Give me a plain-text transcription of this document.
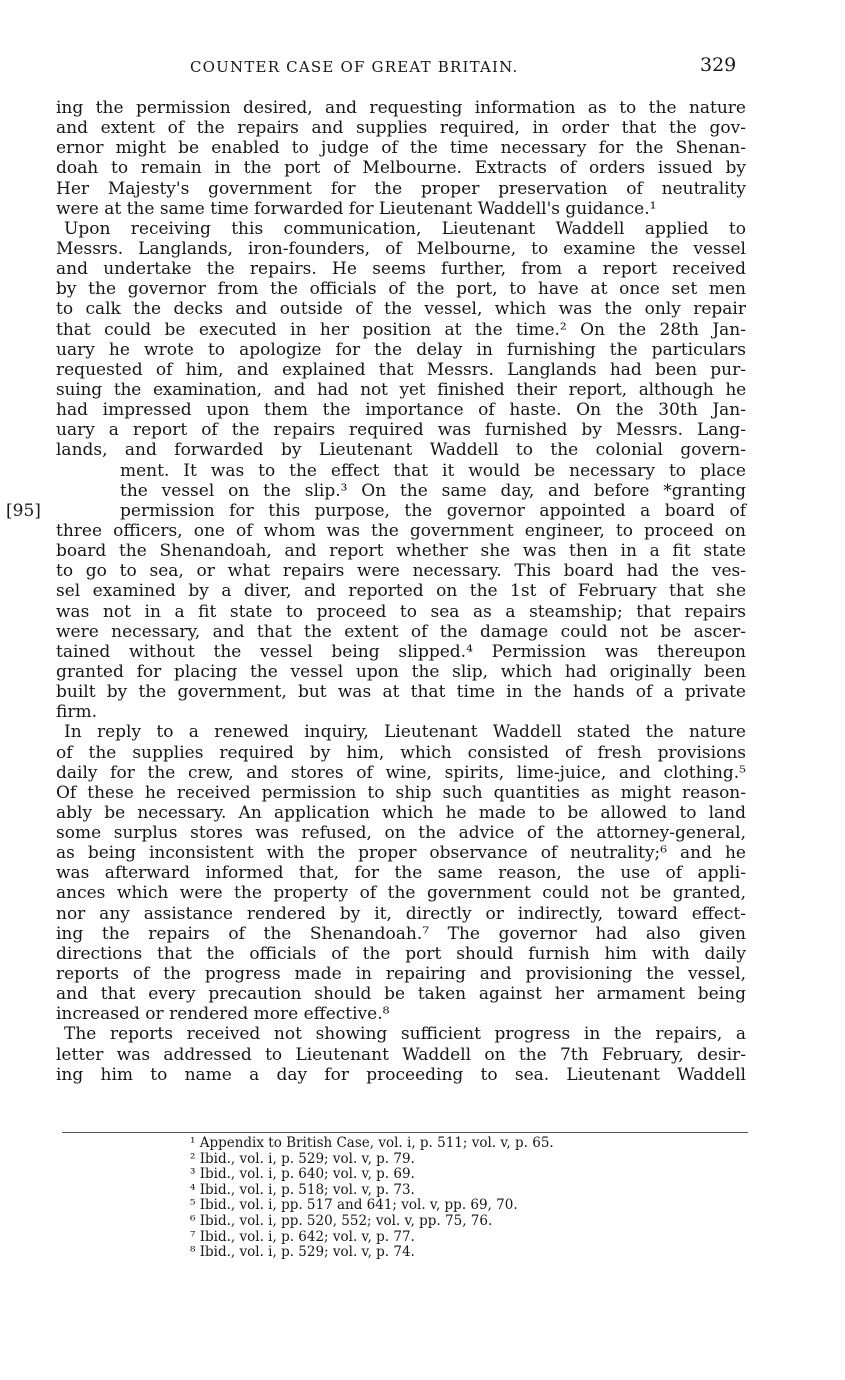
COUNTER CASE OF GREAT BRITAIN.	329
[95]
ing the permission desired, and requesting information as to the nature
and extent of the repairs and supplies required, in order that the gov-
ernor might be enabled to judge of the time necessary for the Shenan-
doah to remain in the port of Melbourne. Extracts of orders issued by
Her Majesty's government for the proper preservation of neutrality
were at the same time forwarded for Lieutenant Waddell's guidance.¹
Upon receiving this communication, Lieutenant Waddell applied to
Messrs. Langlands, iron-founders, of Melbourne, to examine the vessel
and undertake the repairs. He seems further, from a report received
by the governor from the officials of the port, to have at once set men
to calk the decks and outside of the vessel, which was the only repair
that could be executed in her position at the time.² On the 28th Jan-
uary he wrote to apologize for the delay in furnishing the particulars
requested of him, and explained that Messrs. Langlands had been pur-
suing the examination, and had not yet finished their report, although he
had impressed upon them the importance of haste. On the 30th Jan-
uary a report of the repairs required was furnished by Messrs. Lang-
lands, and forwarded by Lieutenant Waddell to the colonial govern-
ment. It was to the effect that it would be necessary to place
the vessel on the slip.³ On the same day, and before *granting
permission for this purpose, the governor appointed a board of
three officers, one of whom was the government engineer, to proceed on
board the Shenandoah, and report whether she was then in a fit state
to go to sea, or what repairs were necessary. This board had the ves-
sel examined by a diver, and reported on the 1st of February that she
was not in a fit state to proceed to sea as a steamship; that repairs
were necessary, and that the extent of the damage could not be ascer-
tained without the vessel being slipped.⁴ Permission was thereupon
granted for placing the vessel upon the slip, which had originally been
built by the government, but was at that time in the hands of a private
firm.
In reply to a renewed inquiry, Lieutenant Waddell stated the nature
of the supplies required by him, which consisted of fresh provisions
daily for the crew, and stores of wine, spirits, lime-juice, and clothing.⁵
Of these he received permission to ship such quantities as might reason-
ably be necessary. An application which he made to be allowed to land
some surplus stores was refused, on the advice of the attorney-general,
as being inconsistent with the proper observance of neutrality;⁶ and he
was afterward informed that, for the same reason, the use of appli-
ances which were the property of the government could not be granted,
nor any assistance rendered by it, directly or indirectly, toward effect-
ing the repairs of the Shenandoah.⁷ The governor had also given
directions that the officials of the port should furnish him with daily
reports of the progress made in repairing and provisioning the vessel,
and that every precaution should be taken against her armament being
increased or rendered more effective.⁸
The reports received not showing sufficient progress in the repairs, a
letter was addressed to Lieutenant Waddell on the 7th February, desir-
ing him to name a day for proceeding to sea. Lieutenant Waddell
¹ Appendix to British Case, vol. i, p. 511; vol. v, p. 65.
² Ibid., vol. i, p. 529; vol. v, p. 79.
³ Ibid., vol. i, p. 640; vol. v, p. 69.
⁴ Ibid., vol. i, p. 518; vol. v, p. 73.
⁵ Ibid., vol. i, pp. 517 and 641; vol. v, pp. 69, 70.
⁶ Ibid., vol. i, pp. 520, 552; vol. v, pp. 75, 76.
⁷ Ibid., vol. i, p. 642; vol. v, p. 77.
⁸ Ibid., vol. i, p. 529; vol. v, p. 74.
